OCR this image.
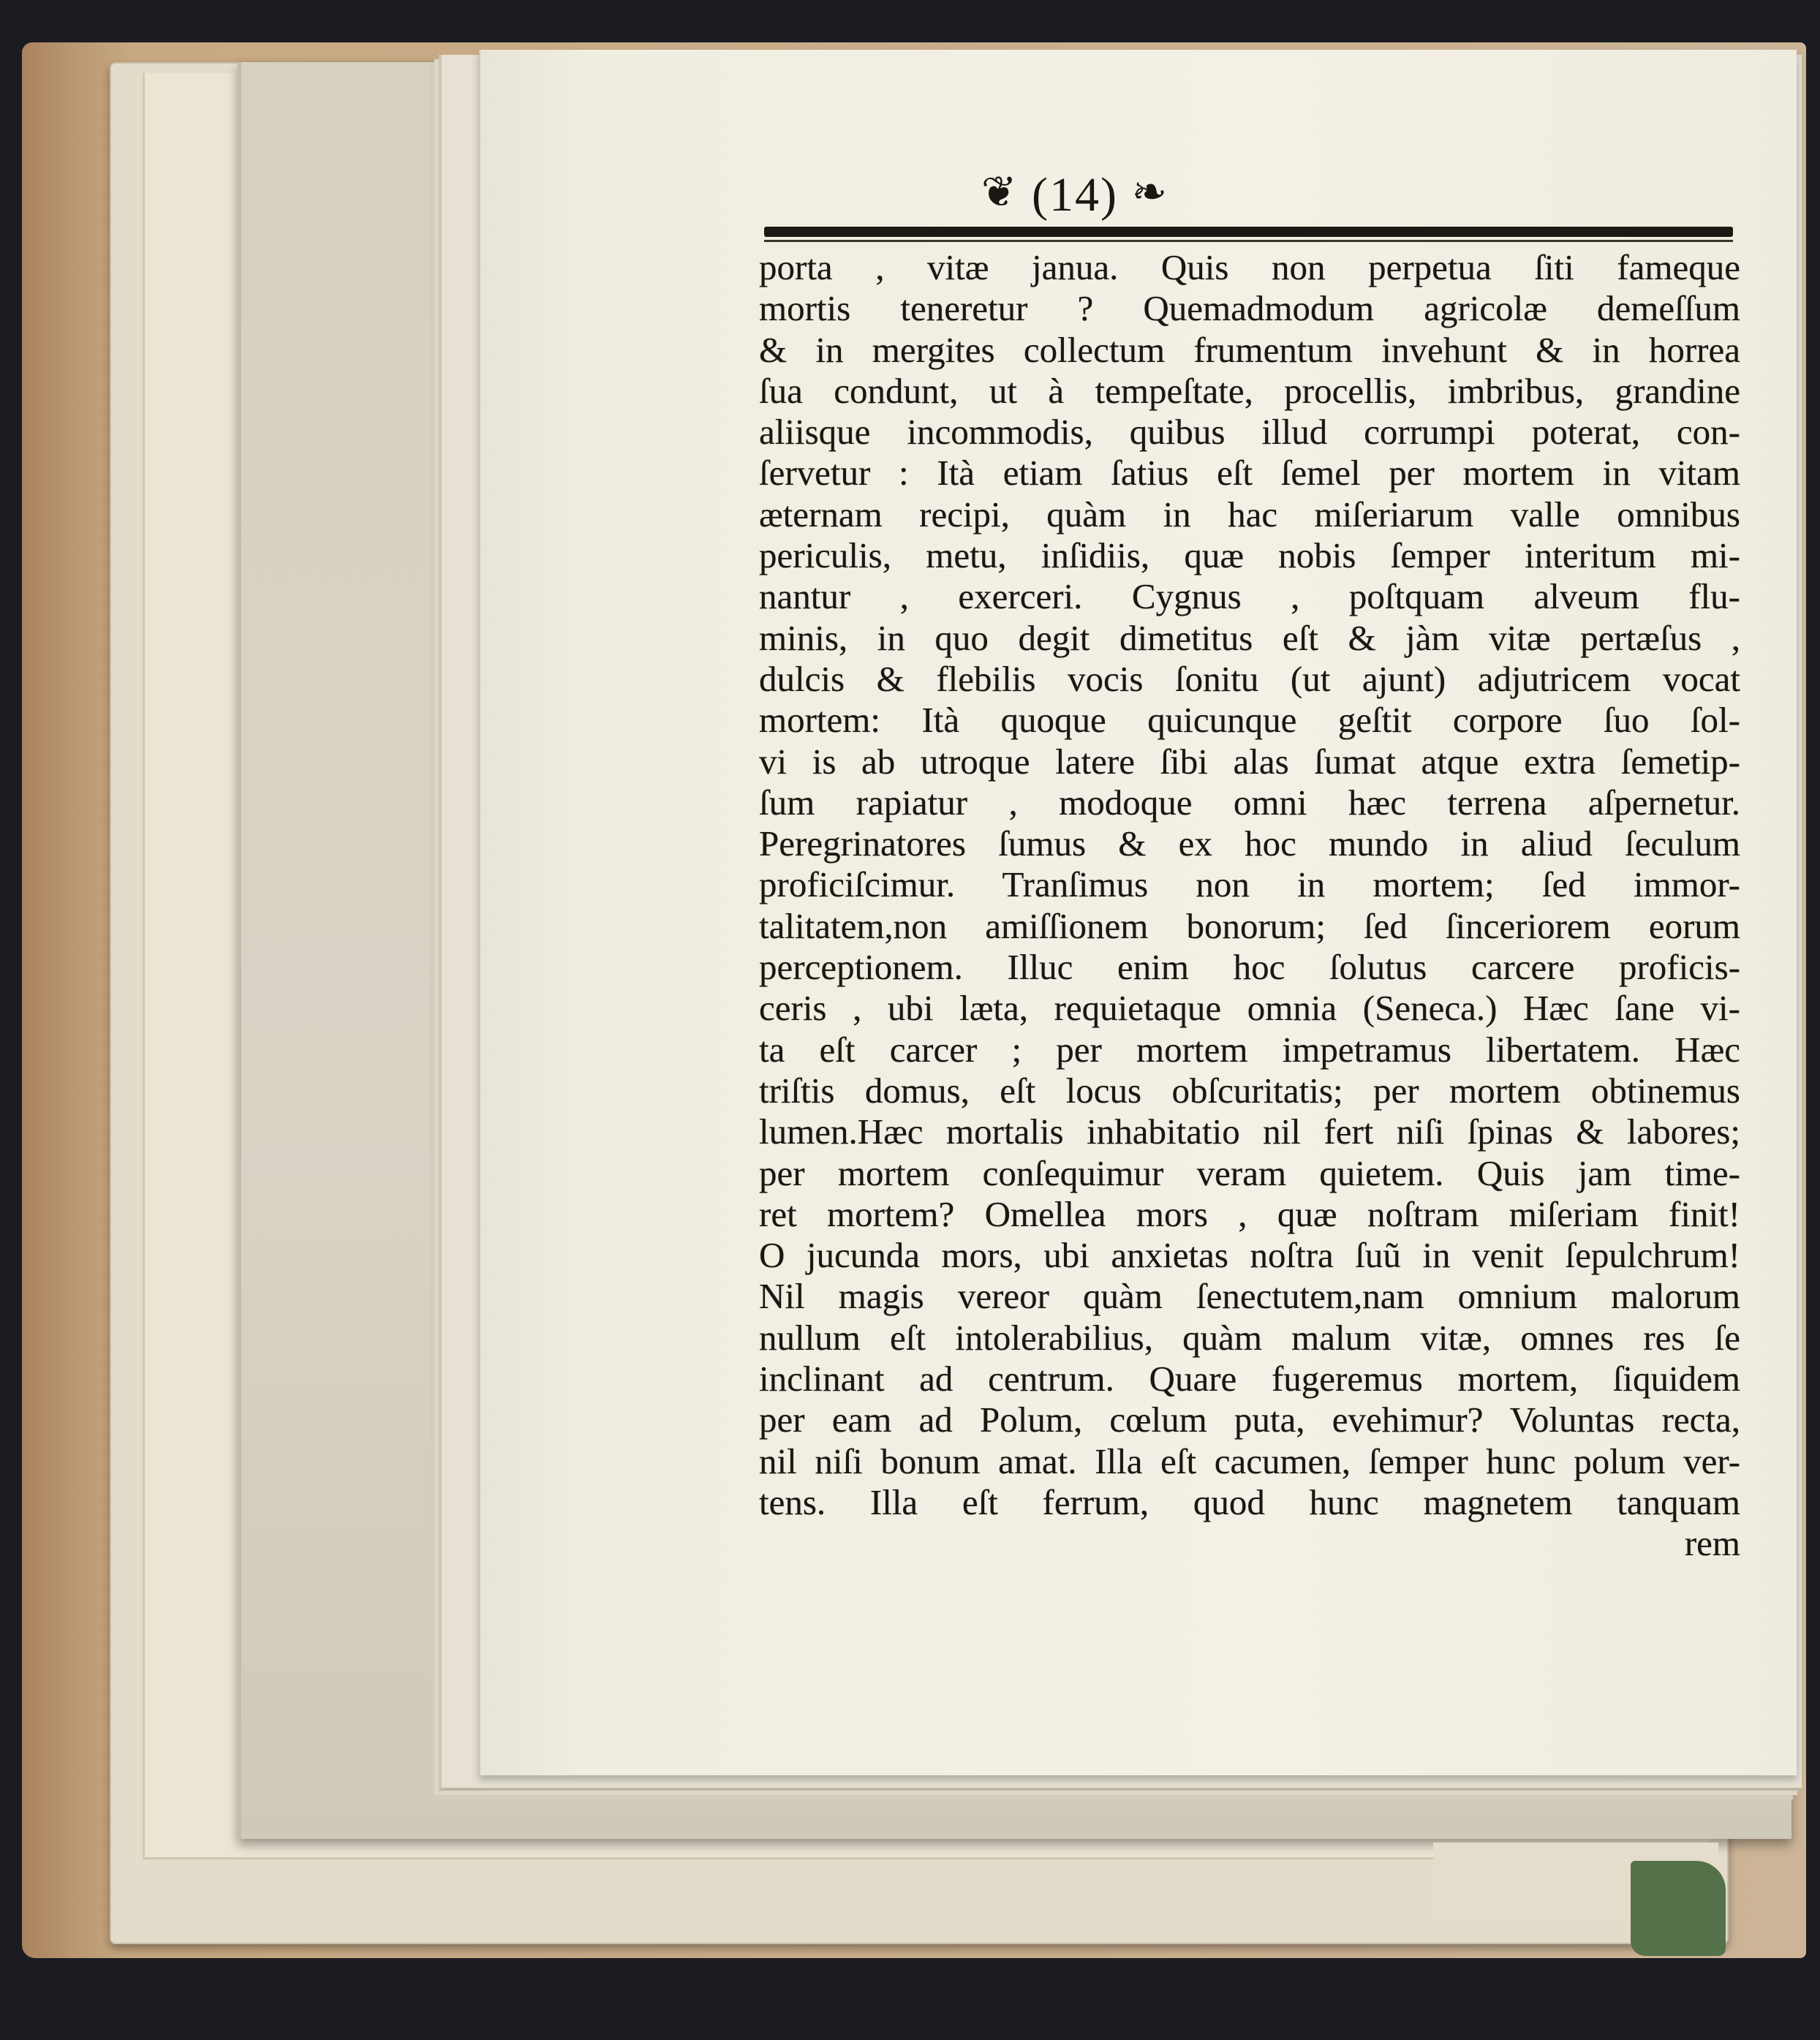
❦ (14) ❧
porta , vitæ janua. Quis non perpetua ſiti fameque
mortis teneretur ? Quemadmodum agricolæ demeſſum
& in mergites collectum frumentum invehunt & in horrea
ſua condunt, ut à tempeſtate, procellis, imbribus, grandine
aliisque incommodis, quibus illud corrumpi poterat, con-
ſervetur : Ità etiam ſatius eſt ſemel per mortem in vitam
æternam recipi, quàm in hac miſeriarum valle omnibus
periculis, metu, inſidiis, quæ nobis ſemper interitum mi-
nantur , exerceri. Cygnus , poſtquam alveum flu-
minis, in quo degit dimetitus eſt & jàm vitæ pertæſus ,
dulcis & flebilis vocis ſonitu (ut ajunt) adjutricem vocat
mortem: Ità quoque quicunque geſtit corpore ſuo ſol-
vi is ab utroque latere ſibi alas ſumat atque extra ſemetip-
ſum rapiatur , modoque omni hæc terrena aſpernetur.
Peregrinatores ſumus & ex hoc mundo in aliud ſeculum
proficiſcimur. Tranſimus non in mortem; ſed immor-
talitatem,non amiſſionem bonorum; ſed ſinceriorem eorum
perceptionem. Illuc enim hoc ſolutus carcere proficis-
ceris , ubi læta, requietaque omnia (Seneca.) Hæc ſane vi-
ta eſt carcer ; per mortem impetramus libertatem. Hæc
triſtis domus, eſt locus obſcuritatis; per mortem obtinemus
lumen.Hæc mortalis inhabitatio nil fert niſi ſpinas & labores;
per mortem conſequimur veram quietem. Quis jam time-
ret mortem? Omellea mors , quæ noſtram miſeriam finit!
O jucunda mors, ubi anxietas noſtra ſuũ in venit ſepulchrum!
Nil magis vereor quàm ſenectutem,nam omnium malorum
nullum eſt intolerabilius, quàm malum vitæ, omnes res ſe
inclinant ad centrum. Quare fugeremus mortem, ſiquidem
per eam ad Polum, cœlum puta, evehimur? Voluntas recta,
nil niſi bonum amat. Illa eſt cacumen, ſemper hunc polum ver-
tens. Illa eſt ferrum, quod hunc magnetem tanquam
rem
